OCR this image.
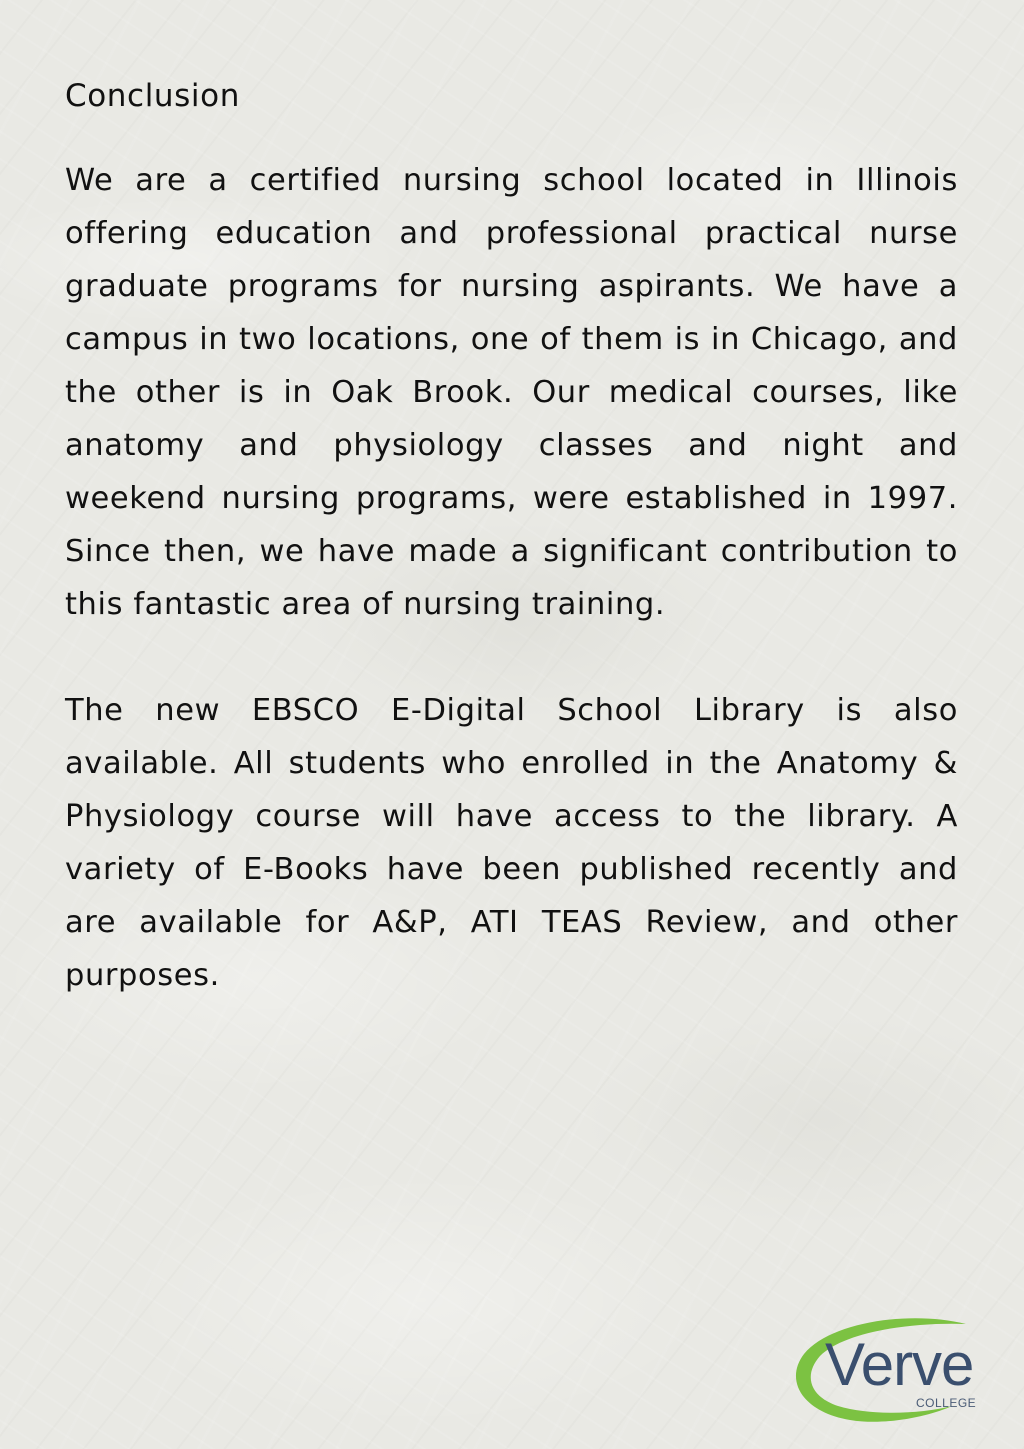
Conclusion

We are a certified nursing school located in Illinois offering education and professional practical nurse graduate programs for nursing aspirants. We have a campus in two locations, one of them is in Chicago, and the other is in Oak Brook. Our medical courses, like anatomy and physiology classes and night and weekend nursing programs, were established in 1997. Since then, we have made a significant contribution to this fantastic area of nursing training.

The new EBSCO E-Digital School Library is also available. All students who enrolled in the Anatomy & Physiology course will have access to the library. A variety of E-Books have been published recently and are available for A&P, ATI TEAS Review, and other purposes.

Verve
COLLEGE
